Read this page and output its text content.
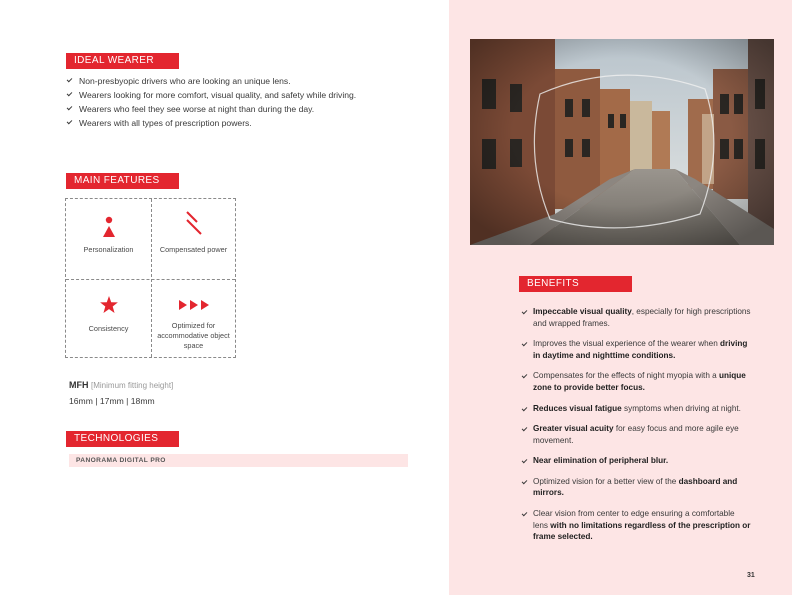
IDEAL WEARER
Non-presbyopic drivers who are looking an unique lens.
Wearers looking for more comfort, visual quality, and safety while driving.
Wearers who feel they see worse at night than during the day.
Wearers with all types of prescription powers.
MAIN FEATURES
Personalization	Compensated power
Consistency	Optimized for accommodative object space
MFH [Minimum fitting height]
16mm | 17mm | 18mm
TECHNOLOGIES
PANORAMA DIGITAL PRO
31
BENEFITS
Impeccable visual quality, especially for high prescriptions and wrapped frames.
Improves the visual experience of the wearer when driving in daytime and nighttime conditions.
Compensates for the effects of night myopia with a unique zone to provide better focus.
Reduces visual fatigue symptoms when driving at night.
Greater visual acuity for easy focus and more agile eye movement.
Near elimination of peripheral blur.
Optimized vision for a better view of the dashboard and mirrors.
Clear vision from center to edge ensuring a comfortable lens with no limitations regardless of the prescription or frame selected.
